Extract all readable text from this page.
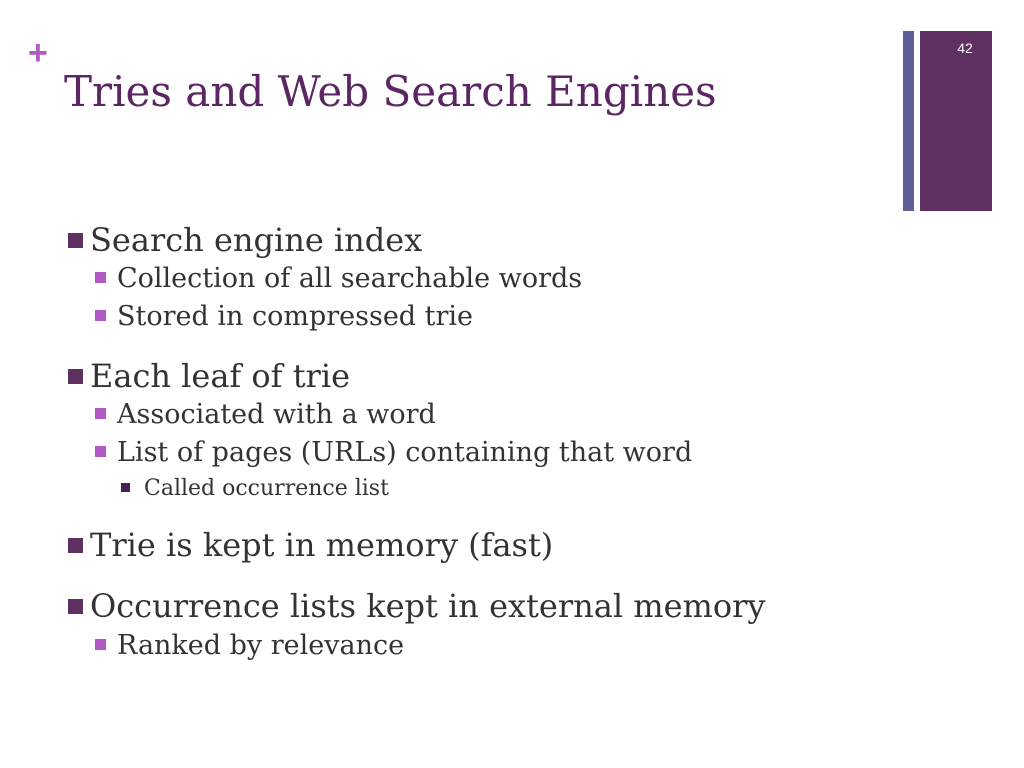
+
Tries and Web Search Engines
42
Search engine index
Collection of all searchable words
Stored in compressed trie
Each leaf of trie
Associated with a word
List of pages (URLs) containing that word
Called occurrence list
Trie is kept in memory (fast)
Occurrence lists kept in external memory
Ranked by relevance
